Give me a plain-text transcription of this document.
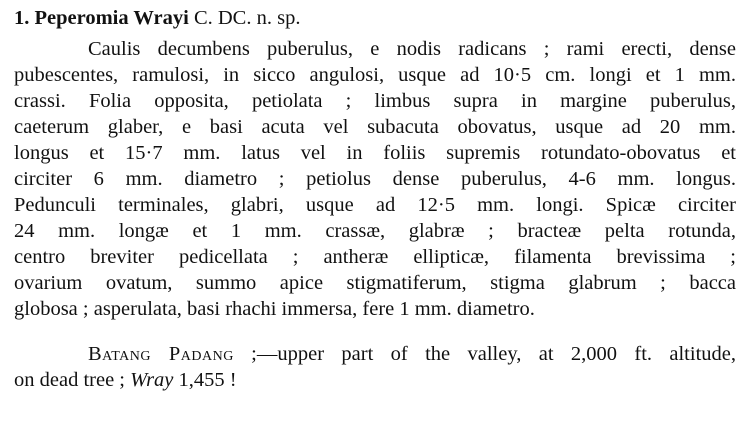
1. Peperomia Wrayi C. DC. n. sp.
Caulis decumbens puberulus, e nodis radicans ; rami erecti, dense
pubescentes, ramulosi, in sicco angulosi, usque ad 10·5 cm. longi et 1 mm.
crassi. Folia opposita, petiolata ; limbus supra in margine puberulus,
caeterum glaber, e basi acuta vel subacuta obovatus, usque ad 20 mm.
longus et 15·7 mm. latus vel in foliis supremis rotundato-obovatus et
circiter 6 mm. diametro ; petiolus dense puberulus, 4-6 mm. longus.
Pedunculi terminales, glabri, usque ad 12·5 mm. longi. Spicæ circiter
24 mm. longæ et 1 mm. crassæ, glabræ ; bracteæ pelta rotunda,
centro breviter pedicellata ; antheræ ellipticæ, filamenta brevissima ;
ovarium ovatum, summo apice stigmatiferum, stigma glabrum ; bacca
globosa ; asperulata, basi rhachi immersa, fere 1 mm. diametro.
Batang Padang ;—upper part of the valley, at 2,000 ft. altitude,
on dead tree ; Wray 1,455 !
